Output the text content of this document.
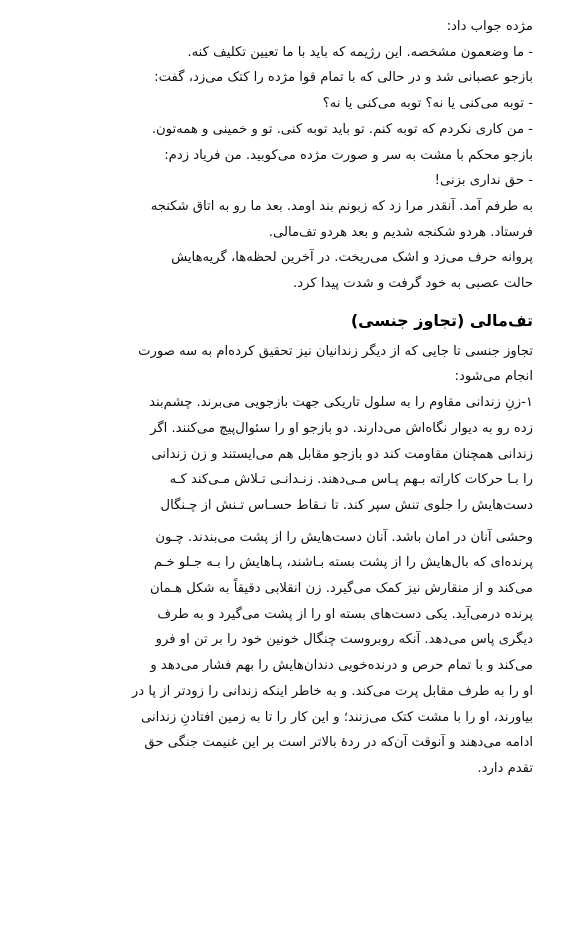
مژده جواب داد:
- ما وضعمون مشخصه. این رژیمه که باید با ما تعیین تکلیف کنه.
بازجو عصبانی شد و در حالی که با تمام قوا مژده را کتک می‌زد، گفت:
- توبه می‌کنی یا نه؟ توبه می‌کنی یا نه؟
- من کاری نکردم که توبه کنم. تو باید توبه کنی. تو و خمینی و همه‌تون.
بازجو محکم با مشت به سر و صورت مژده می‌کوبید. من فریاد زدم:
- حق نداری بزنی!
به طرفم آمد. آنقدر مرا زد که زبونم بند اومد. بعد ما رو به اتاق شکنجه
فرستاد. هردو شکنجه شدیم و بعد هردو تف‌مالی.
پروانه حرف می‌زد و اشک می‌ریخت. در آخرین لحظه‌ها، گریه‌هایش
حالت عصبی به خود گرفت و شدت پیدا کرد.
تف‌مالی (تجاوز جنسی)
تجاوز جنسی تا جایی که از دیگر زندانیان نیز تحقیق کرده‌ام به سه صورت
انجام می‌شود:
۱-زنِ زندانی مقاوم را به سلول تاریکی جهت بازجویی می‌برند. چشم‌بند
زده رو به دیوار نگاه‌اش می‌دارند. دو بازجو او را سئوال‌پیچ می‌کنند. اگر
زندانی همچنان مقاومت کند دو بازجو مقابل هم می‌ایستند و زن زندانی
را بـا حرکات کاراته بـهم پـاس مـی‌دهند. زنـدانـی تـلاش مـی‌کند کـه
دست‌هایش را جلوی تنش سپر کند. تا نـقاط حسـاس تـنش از چـنگال
وحشی آنان در امان باشد. آنان دست‌هایش را از پشت می‌بندند. چـون
پرنده‌ای که بال‌هایش را از پشت بسته بـاشند، پـاهایش را بـه جـلو خـم
می‌کند و از منقارش نیز کمک می‌گیرد. زن انقلابی دقیقاً به شکل هـمان
پرنده درمی‌آید. یکی دست‌های بسته او را از پشت می‌گیرد و به طرف
دیگری پاس می‌دهد. آنکه روبروست چنگال خونین خود را بر تن او فرو
می‌کند و با تمام حرص و درنده‌خویی دندان‌هایش را بهم فشار می‌دهد و
او را به طرف مقابل پرت می‌کند. و به خاطر اینکه زندانی را زودتر از پا در
بیاورند، او را با مشت کتک می‌زنند؛ و این کار را تا به زمین افتادنِ زندانی
ادامه می‌دهند و آنوقت آن‌که در ردهٔ بالاتر است بر این غنیمت جنگی حق
تقدم دارد.
